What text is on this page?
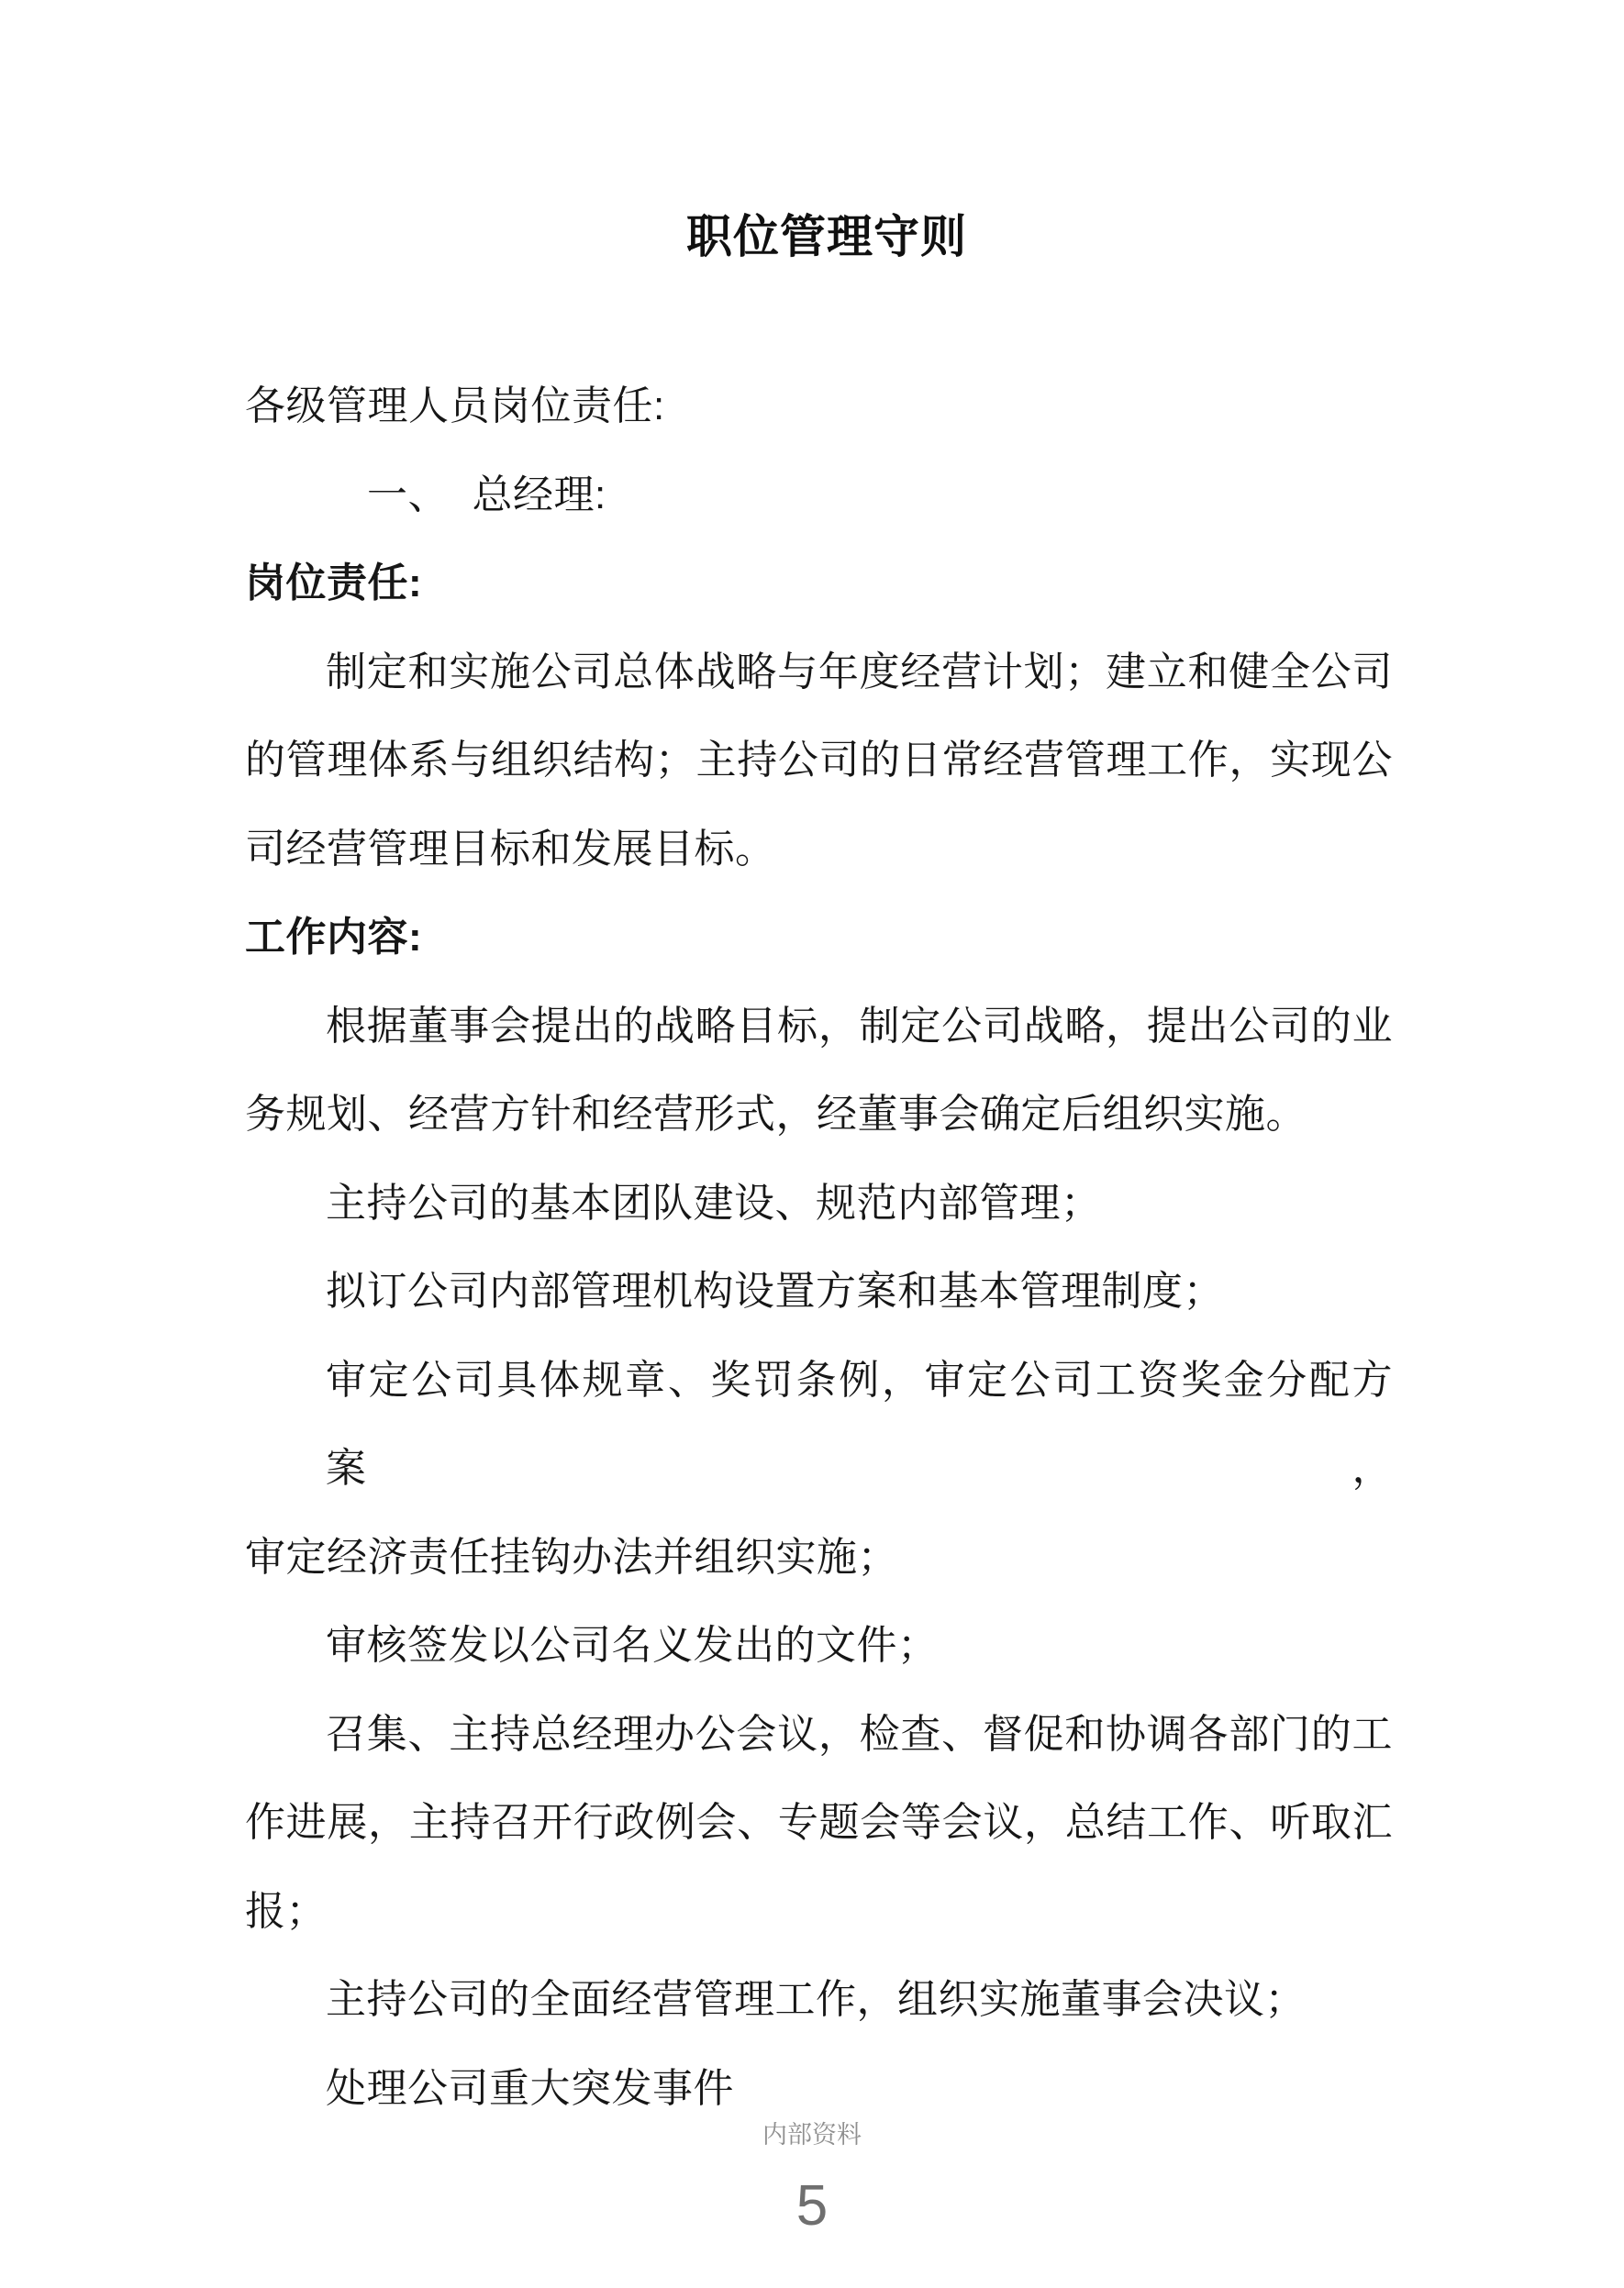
职位管理守则
各级管理人员岗位责任:
一、  总经理:
岗位责任:
制定和实施公司总体战略与年度经营计划；建立和健全公司
的管理体系与组织结构；主持公司的日常经营管理工作，实现公
司经营管理目标和发展目标。
工作内容:
根据董事会提出的战略目标，制定公司战略，提出公司的业
务规划、经营方针和经营形式，经董事会确定后组织实施。
主持公司的基本团队建设、规范内部管理；
拟订公司内部管理机构设置方案和基本管理制度；
审定公司具体规章、奖罚条例，审定公司工资奖金分配方案，
审定经济责任挂钩办法并组织实施；
审核签发以公司名义发出的文件；
召集、主持总经理办公会议，检查、督促和协调各部门的工
作进展，主持召开行政例会、专题会等会议，总结工作、听取汇
报；
主持公司的全面经营管理工作，组织实施董事会决议；
处理公司重大突发事件
内部资料
5
